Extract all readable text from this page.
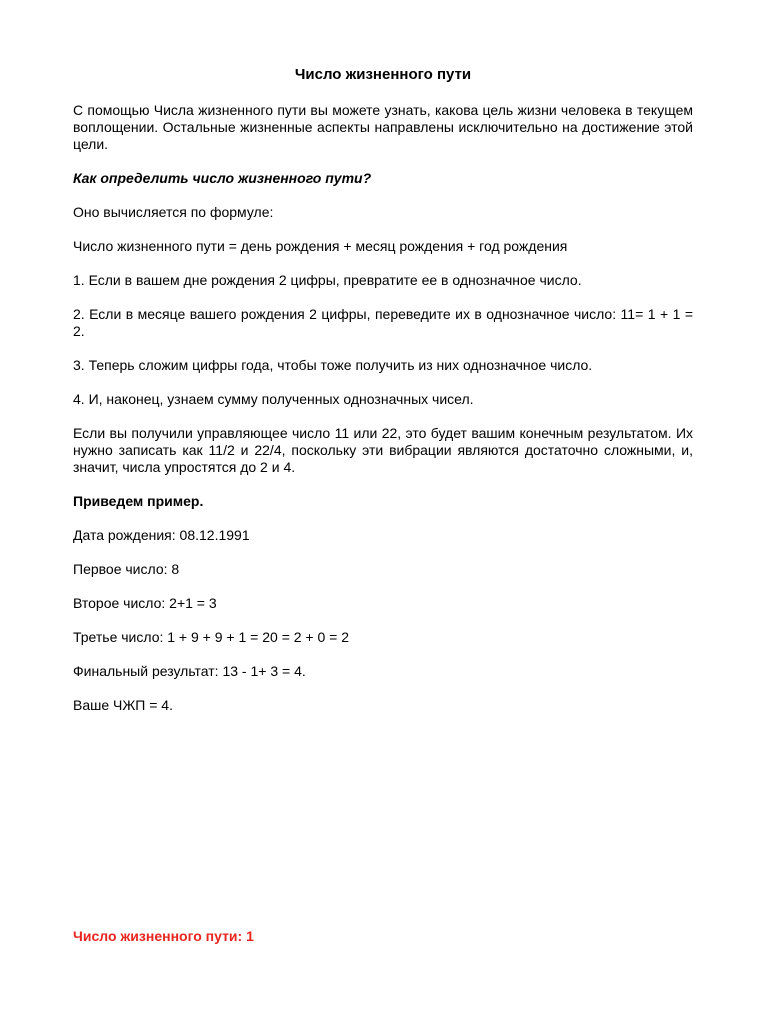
Число жизненного пути

С помощью Числа жизненного пути вы можете узнать, какова цель жизни человека в текущем воплощении. Остальные жизненные аспекты направлены исключительно на достижение этой цели.

Как определить число жизненного пути?

Оно вычисляется по формуле:

Число жизненного пути = день рождения + месяц рождения + год рождения

1. Если в вашем дне рождения 2 цифры, превратите ее в однозначное число.

2. Если в месяце вашего рождения 2 цифры, переведите их в однозначное число: 11= 1 + 1 = 2.

3. Теперь сложим цифры года, чтобы тоже получить из них однозначное число.

4. И, наконец, узнаем сумму полученных однозначных чисел.

Если вы получили управляющее число 11 или 22, это будет вашим конечным результатом. Их нужно записать как 11/2 и 22/4, поскольку эти вибрации являются достаточно сложными, и, значит, числа упростятся до 2 и 4.

Приведем пример.

Дата рождения: 08.12.1991

Первое число: 8

Второе число: 2+1 = 3

Третье число: 1 + 9 + 9 + 1 = 20 = 2 + 0 = 2

Финальный результат: 13 - 1+ 3 = 4.

Ваше ЧЖП = 4.

Число жизненного пути: 1
